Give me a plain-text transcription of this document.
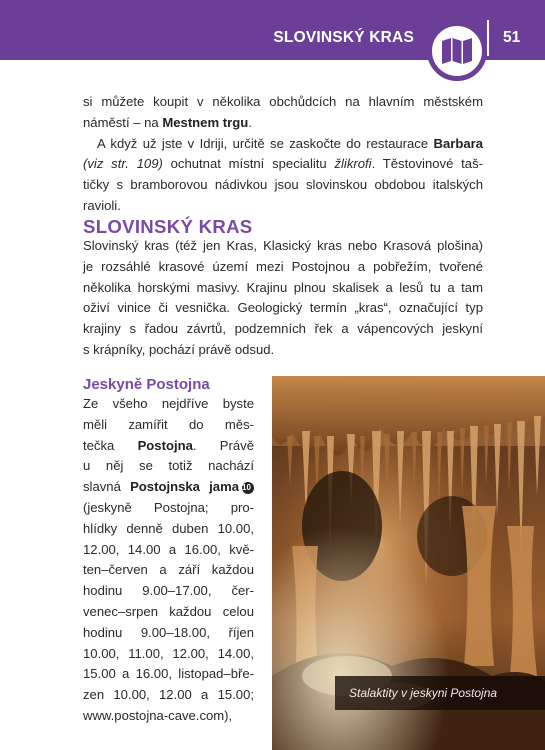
SLOVINSKÝ KRAS	51
si můžete koupit v několika obchůdcích na hlavním městském
náměstí – na Mestnem trgu.
A když už jste v Idriji, určitě se zaskočte do restaurace Barbara
(viz str. 109) ochutnat místní specialitu žlikrofi. Těstovinové taš-
tičky s bramborovou nádivkou jsou slovinskou obdobou italských
ravioli.
SLOVINSKÝ KRAS
Slovinský kras (též jen Kras, Klasický kras nebo Krasová plošina)
je rozsáhlé krasové území mezi Postojnou a pobřežím, tvořené
několika horskými masivy. Krajinu plnou skalisek a lesů tu a tam
oživí vinice či vesnička. Geologický termín „kras“, označující typ
krajiny s řadou závrtů, podzemních řek a vápencových jeskyní
s krápníky, pochází právě odsud.
Jeskyně Postojna
Ze všeho nejdříve byste
měli zamířit do měs-
tečka Postojna. Právě
u něj se totiž nachází
slavná Postojnska jama 10
(jeskyně Postojna; pro-
hlídky denně duben 10.00,
12.00, 14.00 a 16.00, kvě-
ten–červen a září každou
hodinu 9.00–17.00, čer-
venec–srpen každou celou
hodinu 9.00–18.00, říjen
10.00, 11.00, 12.00, 14.00,
15.00 a 16.00, listopad–bře-
zen 10.00, 12.00 a 15.00;
www.postojna-cave.com),
Stalaktity v jeskyni Postojna
